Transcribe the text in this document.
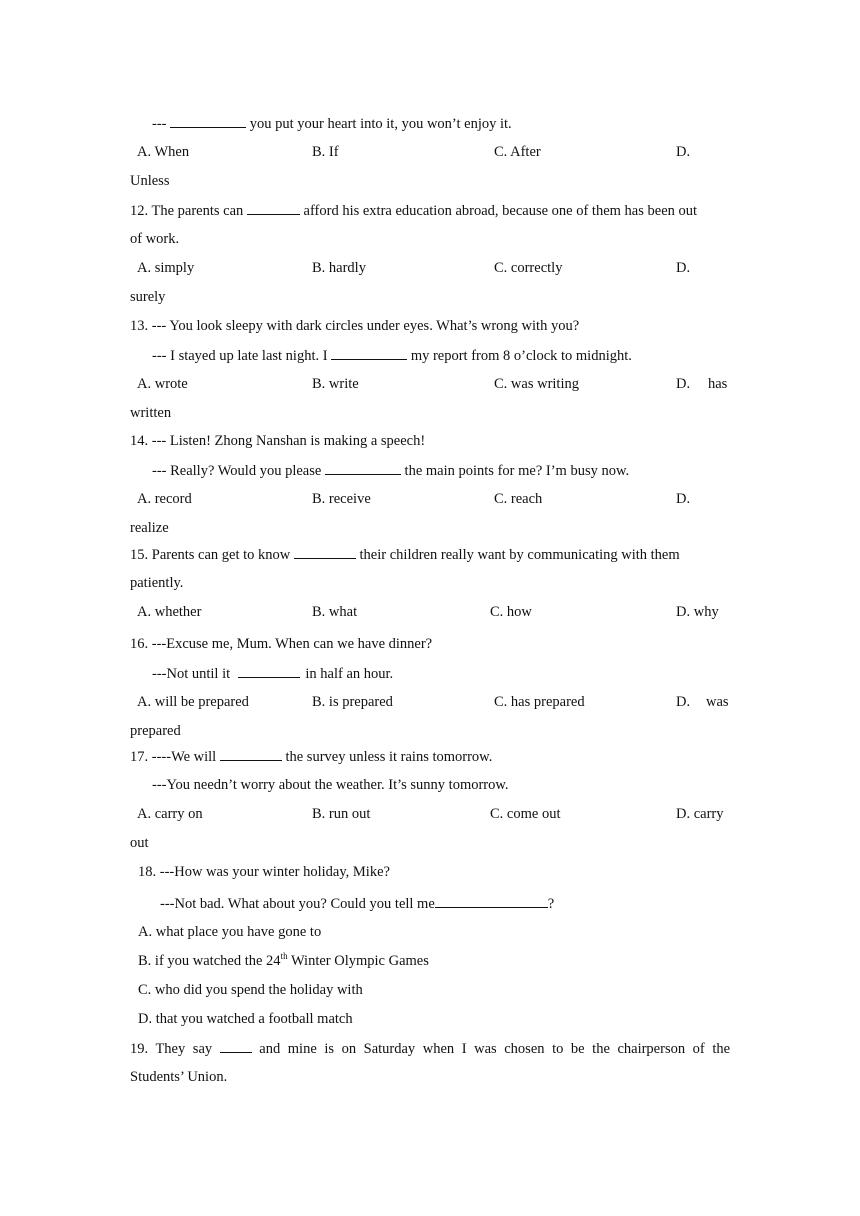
---	you put your heart into it, you won’t enjoy it.
A. When	B. If	C. After	D.
Unless
12. The parents can	afford his extra education abroad, because one of them has been out
of work.
A. simply	B. hardly	C. correctly	D.
surely
13. --- You look sleepy with dark circles under eyes. What’s wrong with you?
--- I stayed up late last night. I	my report from 8 o’clock to midnight.
A. wrote	B. write	C. was writing	D. has
written
14. --- Listen! Zhong Nanshan is making a speech!
--- Really? Would you please	the main points for me? I’m busy now.
A. record	B. receive	C. reach	D.
realize
15. Parents can get to know	their children really want by communicating with them
patiently.
A. whether	B. what	C. how	D. why
16. ---Excuse me, Mum. When can we have dinner?
---Not until it	in half an hour.
A. will be prepared	B. is prepared	C. has prepared	D. was
prepared
17. ----We will	the survey unless it rains tomorrow.
---You needn’t worry about the weather. It’s sunny tomorrow.
A. carry on	B. run out	C. come out	D. carry
out
18. ---How was your winter holiday, Mike?
---Not bad. What about you? Could you tell me	?
A. what place you have gone to
B. if you watched the 24th Winter Olympic Games
C. who did you spend the holiday with
D. that you watched a football match
19. They say	and mine is on Saturday when I was chosen to be the chairperson of the
Students’ Union.
